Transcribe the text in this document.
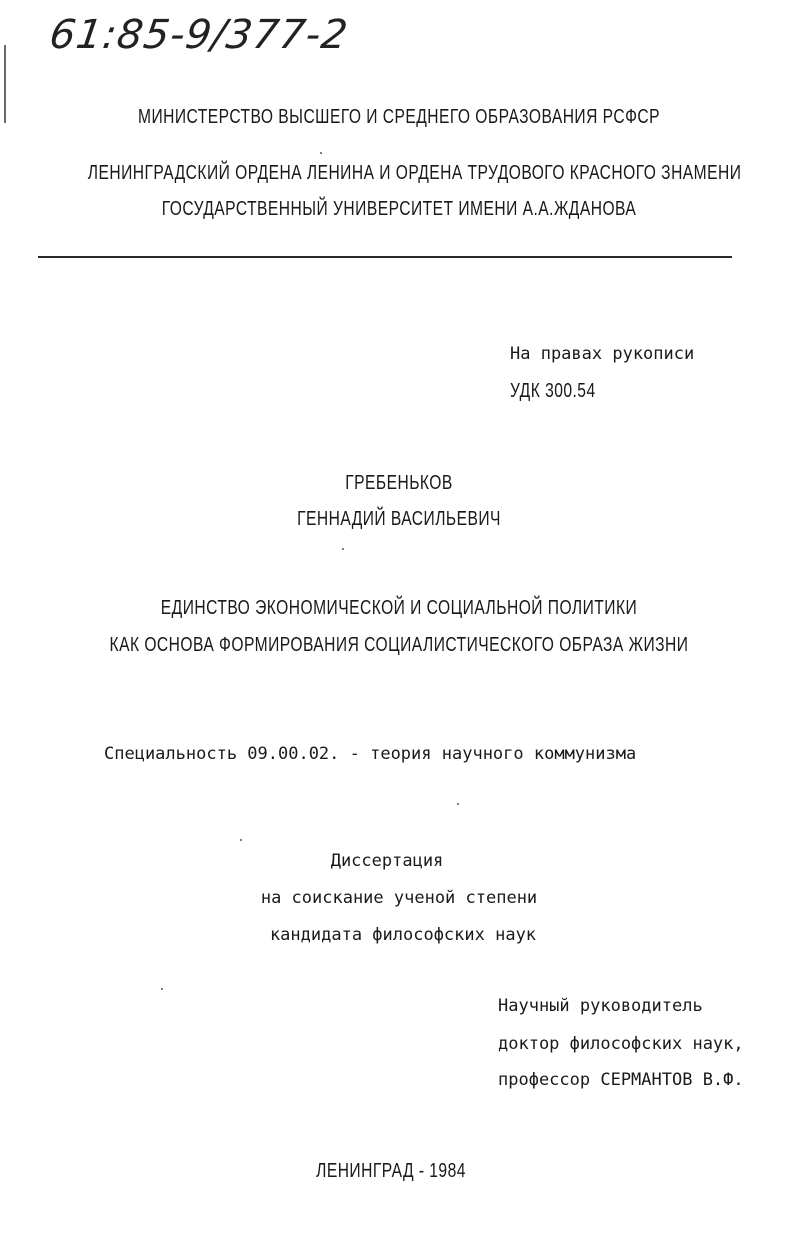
61:85-9/377-2
МИНИСТЕРСТВО ВЫСШЕГО И СРЕДНЕГО ОБРАЗОВАНИЯ РСФСР
ЛЕНИНГРАДСКИЙ ОРДЕНА ЛЕНИНА И ОРДЕНА ТРУДОВОГО КРАСНОГО ЗНАМЕНИ
ГОСУДАРСТВЕННЫЙ УНИВЕРСИТЕТ ИМЕНИ А.А.ЖДАНОВА
На правах рукописи
УДК 300.54
ГРЕБЕНЬКОВ
ГЕННАДИЙ ВАСИЛЬЕВИЧ
ЕДИНСТВО ЭКОНОМИЧЕСКОЙ И СОЦИАЛЬНОЙ ПОЛИТИКИ
КАК ОСНОВА ФОРМИРОВАНИЯ СОЦИАЛИСТИЧЕСКОГО ОБРАЗА ЖИЗНИ
Специальность 09.00.02. - теория научного коммунизма
Диссертация
на соискание ученой степени
кандидата философских наук
Научный руководитель
доктор философских наук,
профессор СЕРМАНТОВ В.Ф.
ЛЕНИНГРАД - 1984
